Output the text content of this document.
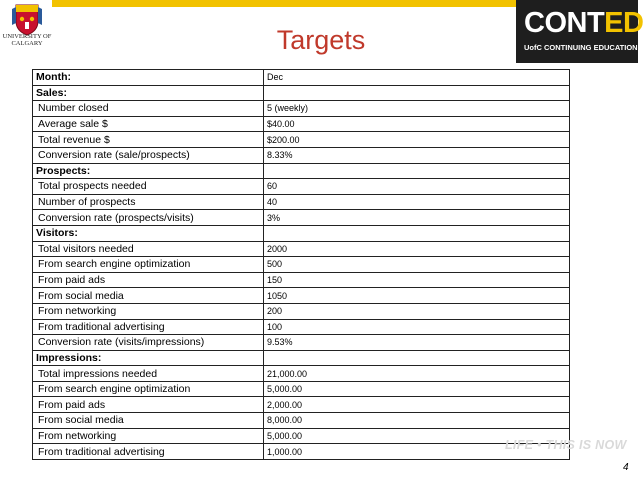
UNIVERSITY OF
CALGARY	Targets
CONTED
UofC CONTINUING EDUCATION
Month:	Dec
Sales:	
Number closed	5 (weekly)
Average sale $	$40.00
Total revenue $	$200.00
Conversion rate (sale/prospects)	8.33%
Prospects:	
Total prospects needed	60
Number of prospects	40
Conversion rate (prospects/visits)	3%
Visitors:	
Total visitors needed	2000
From search engine optimization	500
From paid ads	150
From social media	1050
From networking	200
From traditional advertising	100
Conversion rate (visits/impressions)	9.53%
Impressions:	
Total impressions needed	21,000.00
From search engine optimization	5,000.00
From paid ads	2,000.00
From social media	8,000.00
From networking	5,000.00
From traditional advertising	1,000.00	LIFE • THIS IS NOW
4
